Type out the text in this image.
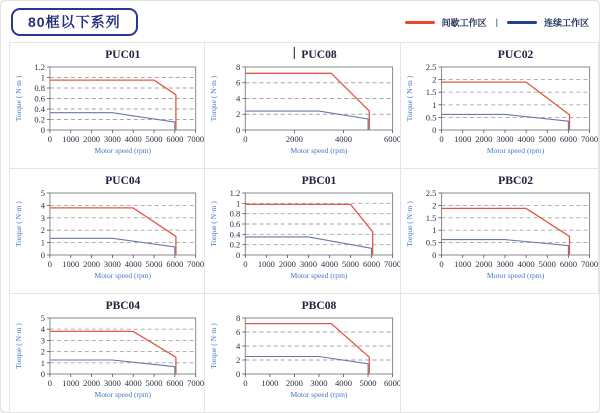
80框以下系列	间歇工作区 |	连续工作区
PUC01
0
0.2
0.4
0.6
0.8
1
1.2
0 1000 2000 3000 4000 5000 6000 7000
Motor speed (rpm)
Torque ( N·m )

PUC08
0
2
4
6
8
0	2000	4000	6000
Motor speed (rpm)
Torque ( N·m )

PUC02
0
0.5
1
1.5
2
2.5
0 1000 2000 3000 4000 5000 6000 7000
Motor speed (rpm)
Torque ( N·m )

PUC04
0
1
2
3
4
5
0 1000 2000 3000 4000 5000 6000 7000
Motor speed (rpm)
Torque ( N·m )

PBC01
0
0.2
0.4
0.6
0.8
1
1.2
0 1000 2000 3000 4000 5000 6000 7000
Motor speed (rpm)
Torque ( N·m )

PBC02
0
0.5
1
1.5
2
2.5
0 1000 2000 3000 4000 5000 6000 7000
Motor speed (rpm)
Torque ( N·m )

PBC04
0
1
2
3
4
5
0 1000 2000 3000 4000 5000 6000 7000
Motor speed (rpm)
Torque ( N·m )

PBC08
0
2
4
6
8
0 1000 2000 3000 4000 5000 6000
Motor speed (rpm)
Torque ( N·m )
